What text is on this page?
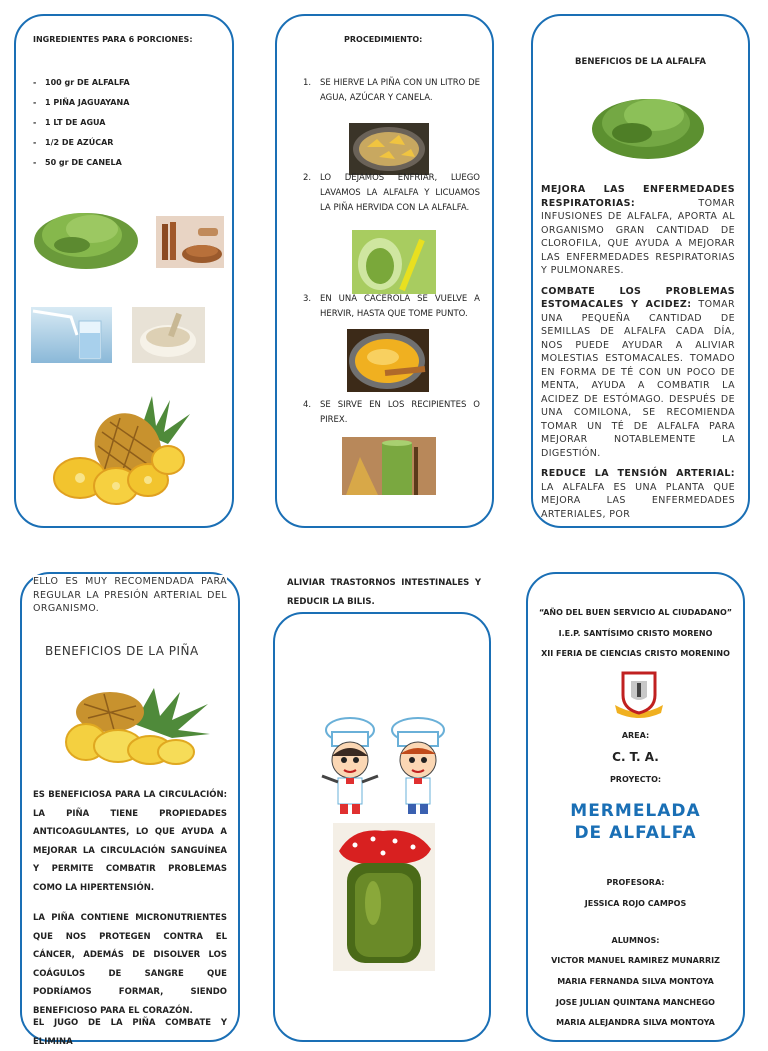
INGREDIENTES PARA 6 PORCIONES:
- 100 gr DE ALFALFA
- 1 PIÑA JAGUAYANA
- 1 LT DE AGUA
- 1/2 DE AZÚCAR
- 50 gr DE CANELA
PROCEDIMIENTO:
1. SE HIERVE LA PIÑA CON UN LITRO DE AGUA, AZÚCAR Y CANELA.
2. LO DEJAMOS ENFRIAR, LUEGO LAVAMOS LA ALFALFA Y LICUAMOS LA PIÑA HERVIDA CON LA ALFALFA.
3. EN UNA CACEROLA SE VUELVE A HERVIR, HASTA QUE TOME PUNTO.
4. SE SIRVE EN LOS RECIPIENTES O PIREX.
BENEFICIOS DE LA ALFALFA
MEJORA LAS ENFERMEDADES RESPIRATORIAS:	TOMAR INFUSIONES DE ALFALFA, APORTA AL ORGANISMO GRAN CANTIDAD DE CLOROFILA, QUE AYUDA A MEJORAR LAS ENFERMEDADES RESPIRATORIAS Y PULMONARES.
COMBATE LOS PROBLEMAS ESTOMACALES Y ACIDEZ: TOMAR UNA PEQUEÑA CANTIDAD DE SEMILLAS DE ALFALFA CADA DÍA, NOS PUEDE AYUDAR A ALIVIAR MOLESTIAS ESTOMACALES. TOMADO EN FORMA DE TÉ CON UN POCO DE MENTA, AYUDA A COMBATIR LA ACIDEZ DE ESTÓMAGO. DESPUÉS DE UNA COMILONA, SE RECOMIENDA TOMAR UN TÉ DE ALFALFA PARA MEJORAR NOTABLEMENTE LA DIGESTIÓN.
REDUCE LA TENSIÓN ARTERIAL: LA ALFALFA ES UNA PLANTA QUE MEJORA LAS ENFERMEDADES ARTERIALES, POR
ELLO ES MUY RECOMENDADA PARA REGULAR LA PRESIÓN ARTERIAL DEL ORGANISMO.
BENEFICIOS DE LA PIÑA
ES BENEFICIOSA PARA LA CIRCULACIÓN: LA PIÑA TIENE PROPIEDADES ANTICOAGULANTES, LO QUE AYUDA A MEJORAR LA CIRCULACIÓN SANGUÍNEA Y PERMITE COMBATIR PROBLEMAS COMO LA HIPERTENSIÓN.
LA PIÑA CONTIENE MICRONUTRIENTES QUE NOS PROTEGEN CONTRA EL CÁNCER, ADEMÁS DE DISOLVER LOS COÁGULOS DE SANGRE QUE PODRÍAMOS FORMAR, SIENDO BENEFICIOSO PARA EL CORAZÓN.
EL JUGO DE LA PIÑA COMBATE Y ELIMINA
ALIVIAR TRASTORNOS INTESTINALES Y REDUCIR LA BILIS.
“AÑO DEL BUEN SERVICIO AL CIUDADANO”
I.E.P. SANTÍSIMO CRISTO MORENO
XII FERIA DE CIENCIAS CRISTO MORENINO
AREA:
C. T. A.
PROYECTO:
MERMELADA
DE ALFALFA
PROFESORA:
JESSICA ROJO CAMPOS
ALUMNOS:
VICTOR MANUEL RAMIREZ MUNARRIZ
MARIA FERNANDA SILVA MONTOYA
JOSE JULIAN QUINTANA MANCHEGO
MARIA ALEJANDRA SILVA MONTOYA
